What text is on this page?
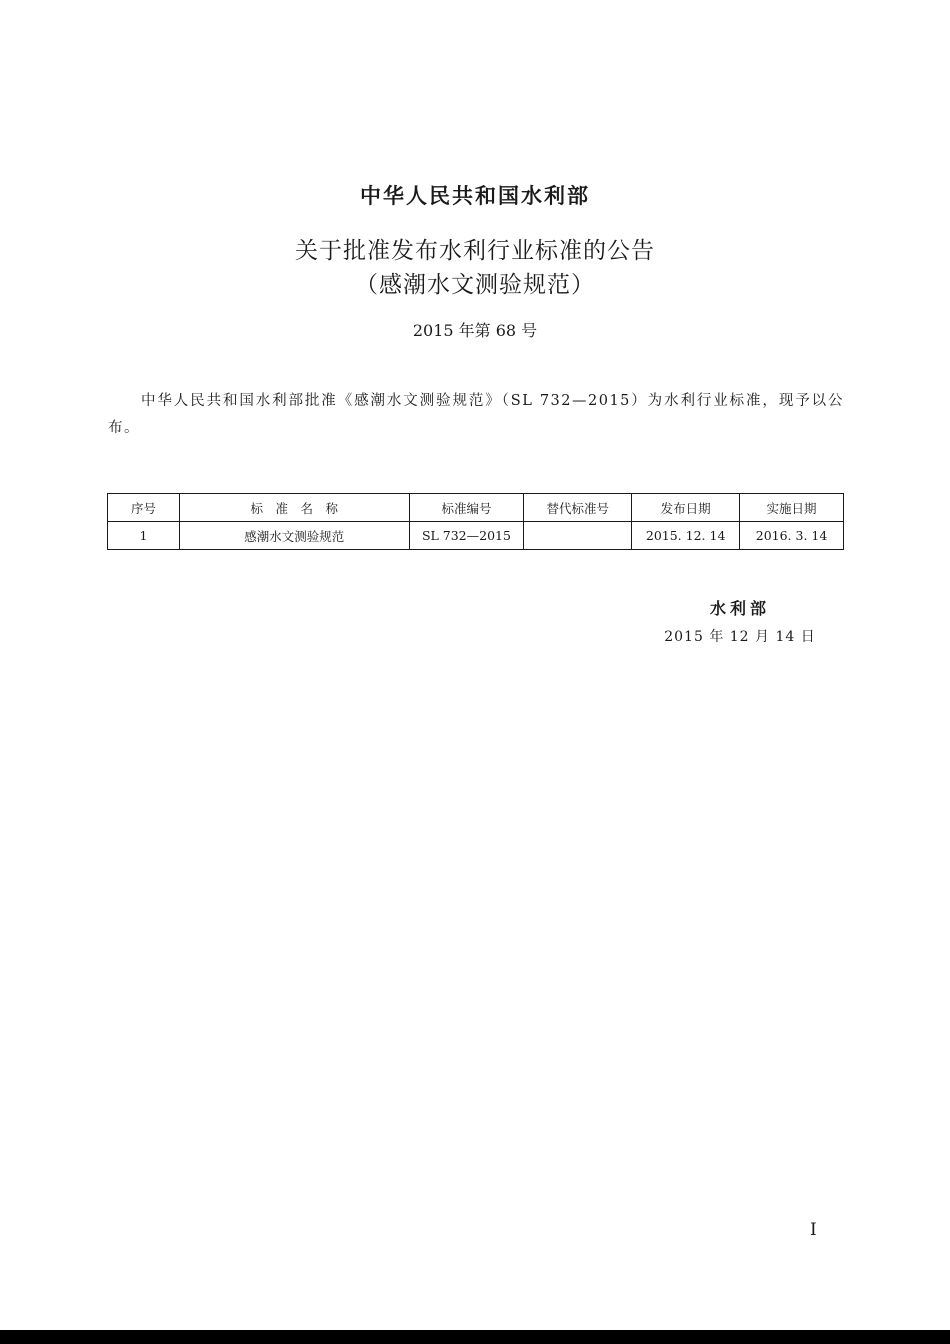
中华人民共和国水利部
关于批准发布水利行业标准的公告
（感潮水文测验规范）
2015 年第 68 号

中华人民共和国水利部批准《感潮水文测验规范》（SL 732—2015）为水利行业标准，现予以公布。

序号	标　准　名　称	标准编号	替代标准号	发布日期	实施日期
1	感潮水文测验规范	SL 732—2015		2015. 12. 14	2016. 3. 14
水利部
2015 年 12 月 14 日
I
